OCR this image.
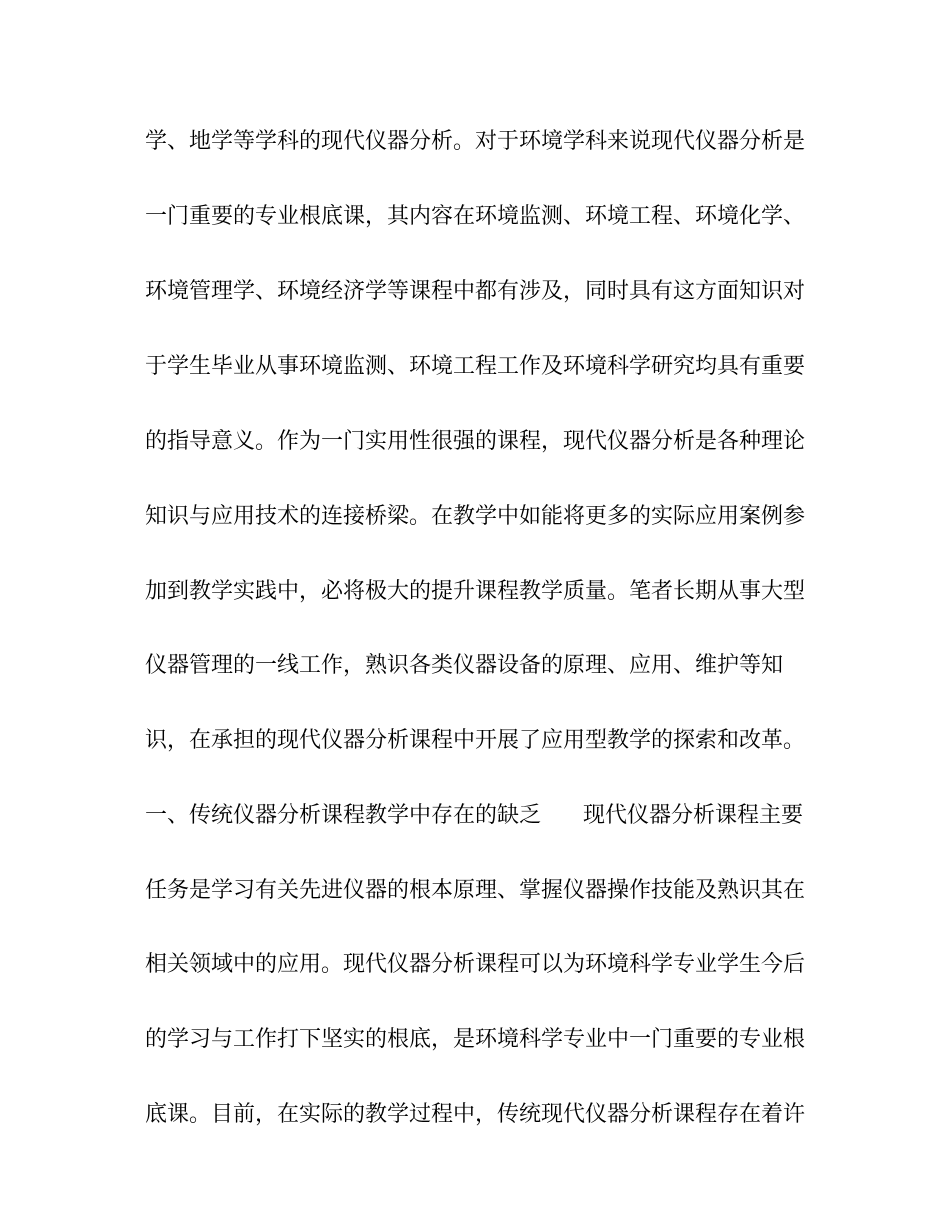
学、地学等学科的现代仪器分析。对于环境学科来说现代仪器分析是
一门重要的专业根底课，其内容在环境监测、环境工程、环境化学、
环境管理学、环境经济学等课程中都有涉及，同时具有这方面知识对
于学生毕业从事环境监测、环境工程工作及环境科学研究均具有重要
的指导意义。作为一门实用性很强的课程，现代仪器分析是各种理论
知识与应用技术的连接桥梁。在教学中如能将更多的实际应用案例参
加到教学实践中，必将极大的提升课程教学质量。笔者长期从事大型
仪器管理的一线工作，熟识各类仪器设备的原理、应用、维护等知
识，在承担的现代仪器分析课程中开展了应用型教学的探索和改革。
一、传统仪器分析课程教学中存在的缺乏 现代仪器分析课程主要
任务是学习有关先进仪器的根本原理、掌握仪器操作技能及熟识其在
相关领域中的应用。现代仪器分析课程可以为环境科学专业学生今后
的学习与工作打下坚实的根底，是环境科学专业中一门重要的专业根
底课。目前，在实际的教学过程中，传统现代仪器分析课程存在着许
